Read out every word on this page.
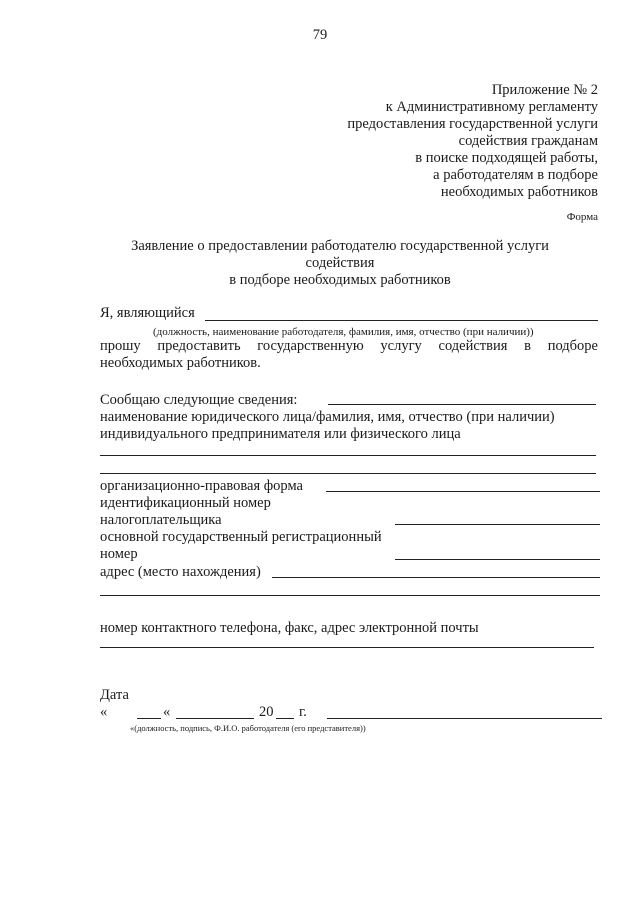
79
Приложение № 2
к Административному регламенту
предоставления государственной услуги
содействия гражданам
в поиске подходящей работы,
а работодателям в подборе
необходимых работников
Форма
Заявление о предоставлении работодателю государственной услуги
содействия
в подборе необходимых работников
Я, являющийся
(должность, наименование работодателя, фамилия, имя, отчество (при наличии))
прошу предоставить государственную услугу содействия в подборе
необходимых работников.
Сообщаю следующие сведения:
наименование юридического лица/фамилия, имя, отчество (при наличии)
индивидуального предпринимателя или физического лица
организационно-правовая форма
идентификационный номер
налогоплательщика
основной государственный регистрационный
номер
адрес (место нахождения)
номер контактного телефона, факс, адрес электронной почты
Дата
«	«	20 г.
«(должность, подпись, Ф.И.О. работодателя (его представителя))
